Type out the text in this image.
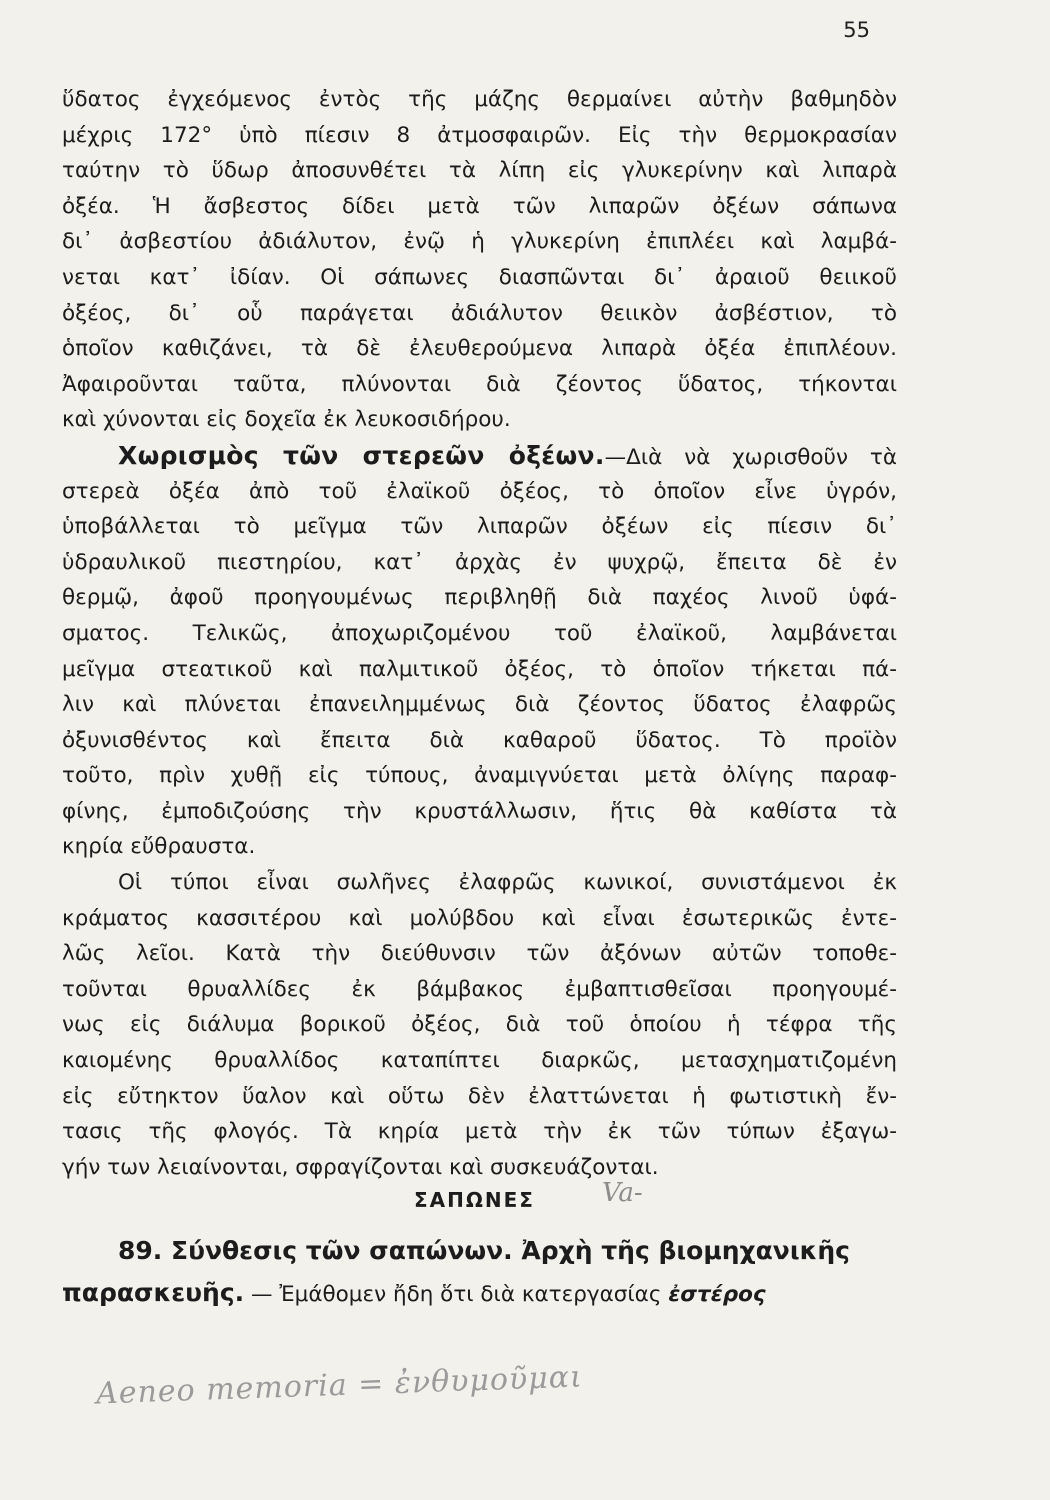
55
ὕδατος ἐγχεόμενος ἐντὸς τῆς μάζης θερμαίνει αὐτὴν βαθμηδὸν
μέχρις 172° ὑπὸ πίεσιν 8 ἀτμοσφαιρῶν. Εἰς τὴν θερμοκρασίαν
ταύτην τὸ ὕδωρ ἀποσυνθέτει τὰ λίπη εἰς γλυκερίνην καὶ λιπαρὰ
ὀξέα. Ἡ ἄσβεστος δίδει μετὰ τῶν λιπαρῶν ὀξέων σάπωνα
δι᾽ ἀσβεστίου ἀδιάλυτον, ἐνῷ ἡ γλυκερίνη ἐπιπλέει καὶ λαμβά-
νεται κατ᾽ ἰδίαν. Οἱ σάπωνες διασπῶνται δι᾽ ἀραιοῦ θειικοῦ
ὀξέος, δι᾽ οὗ παράγεται ἀδιάλυτον θειικὸν ἀσβέστιον, τὸ
ὁποῖον καθιζάνει, τὰ δὲ ἐλευθερούμενα λιπαρὰ ὀξέα ἐπιπλέουν.
Ἀφαιροῦνται ταῦτα, πλύνονται διὰ ζέοντος ὕδατος, τήκονται
καὶ χύνονται εἰς δοχεῖα ἐκ λευκοσιδήρου.
Χωρισμὸς τῶν στερεῶν ὀξέων.—Διὰ νὰ χωρισθοῦν τὰ
στερεὰ ὀξέα ἀπὸ τοῦ ἐλαϊκοῦ ὀξέος, τὸ ὁποῖον εἶνε ὑγρόν,
ὑποβάλλεται τὸ μεῖγμα τῶν λιπαρῶν ὀξέων εἰς πίεσιν δι᾽
ὑδραυλικοῦ πιεστηρίου, κατ᾽ ἀρχὰς ἐν ψυχρῷ, ἔπειτα δὲ ἐν
θερμῷ, ἀφοῦ προηγουμένως περιβληθῇ διὰ παχέος λινοῦ ὑφά-
σματος. Τελικῶς, ἀποχωριζομένου τοῦ ἐλαϊκοῦ, λαμβάνεται
μεῖγμα στεατικοῦ καὶ παλμιτικοῦ ὀξέος, τὸ ὁποῖον τήκεται πά-
λιν καὶ πλύνεται ἐπανειλημμένως διὰ ζέοντος ὕδατος ἐλαφρῶς
ὀξυνισθέντος καὶ ἔπειτα διὰ καθαροῦ ὕδατος. Τὸ προϊὸν
τοῦτο, πρὶν χυθῇ εἰς τύπους, ἀναμιγνύεται μετὰ ὀλίγης παραφ-
φίνης, ἐμποδιζούσης τὴν κρυστάλλωσιν, ἥτις θὰ καθίστα τὰ
κηρία εὔθραυστα.
Οἱ τύποι εἶναι σωλῆνες ἐλαφρῶς κωνικοί, συνιστάμενοι ἐκ
κράματος κασσιτέρου καὶ μολύβδου καὶ εἶναι ἐσωτερικῶς ἐντε-
λῶς λεῖοι. Κατὰ τὴν διεύθυνσιν τῶν ἀξόνων αὐτῶν τοποθε-
τοῦνται θρυαλλίδες ἐκ βάμβακος ἐμβαπτισθεῖσαι προηγουμέ-
νως εἰς διάλυμα βορικοῦ ὀξέος, διὰ τοῦ ὁποίου ἡ τέφρα τῆς
καιομένης θρυαλλίδος καταπίπτει διαρκῶς, μετασχηματιζομένη
εἰς εὔτηκτον ὕαλον καὶ οὕτω δὲν ἐλαττώνεται ἡ φωτιστικὴ ἔν-
τασις τῆς φλογός. Τὰ κηρία μετὰ τὴν ἐκ τῶν τύπων ἐξαγω-
γήν των λειαίνονται, σφραγίζονται καὶ συσκευάζονται.
ΣΑΠΩΝΕΣ	Va-
89. Σύνθεσις τῶν σαπώνων. Ἀρχὴ τῆς βιομηχανικῆς
παρασκευῆς. — Ἐμάθομεν ἤδη ὅτι διὰ κατεργασίας ἐστέρος
Aeneo memoria = ἐνθυμοῦμαι
